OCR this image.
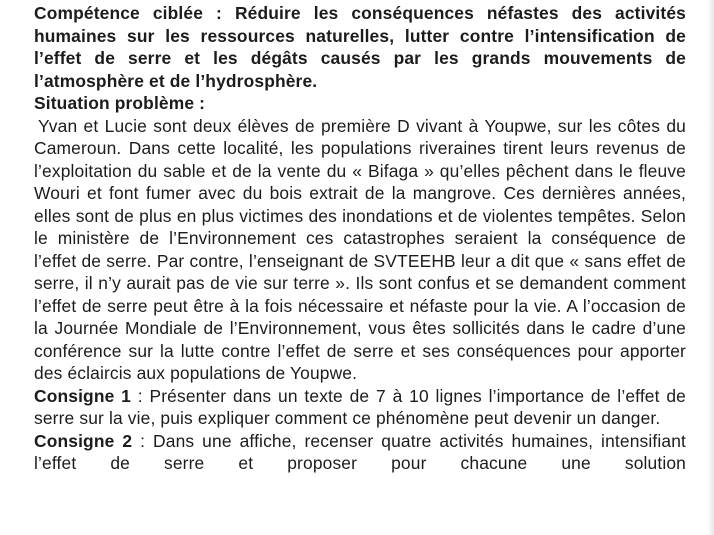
Compétence ciblée : Réduire les conséquences néfastes des activités humaines sur les ressources naturelles, lutter contre l’intensification de l’effet de serre et les dégâts causés par les grands mouvements de l’atmosphère et de l’hydrosphère.

Situation problème :

Yvan et Lucie sont deux élèves de première D vivant à Youpwe, sur les côtes du Cameroun. Dans cette localité, les populations riveraines tirent leurs revenus de l’exploitation du sable et de la vente du « Bifaga » qu’elles pêchent dans le fleuve Wouri et font fumer avec du bois extrait de la mangrove. Ces dernières années, elles sont de plus en plus victimes des inondations et de violentes tempêtes. Selon le ministère de l’Environnement ces catastrophes seraient la conséquence de l’effet de serre. Par contre, l’enseignant de SVTEEHB leur a dit que « sans effet de serre, il n’y aurait pas de vie sur terre ». Ils sont confus et se demandent comment l’effet de serre peut être à la fois nécessaire et néfaste pour la vie. A l’occasion de la Journée Mondiale de l’Environnement, vous êtes sollicités dans le cadre d’une conférence sur la lutte contre l’effet de serre et ses conséquences pour apporter des éclaircis aux populations de Youpwe.

Consigne 1 : Présenter dans un texte de 7 à 10 lignes l’importance de l’effet de serre sur la vie, puis expliquer comment ce phénomène peut devenir un danger.

Consigne 2 : Dans une affiche, recenser quatre activités humaines, intensifiant l’effet de serre et proposer pour chacune une solution
